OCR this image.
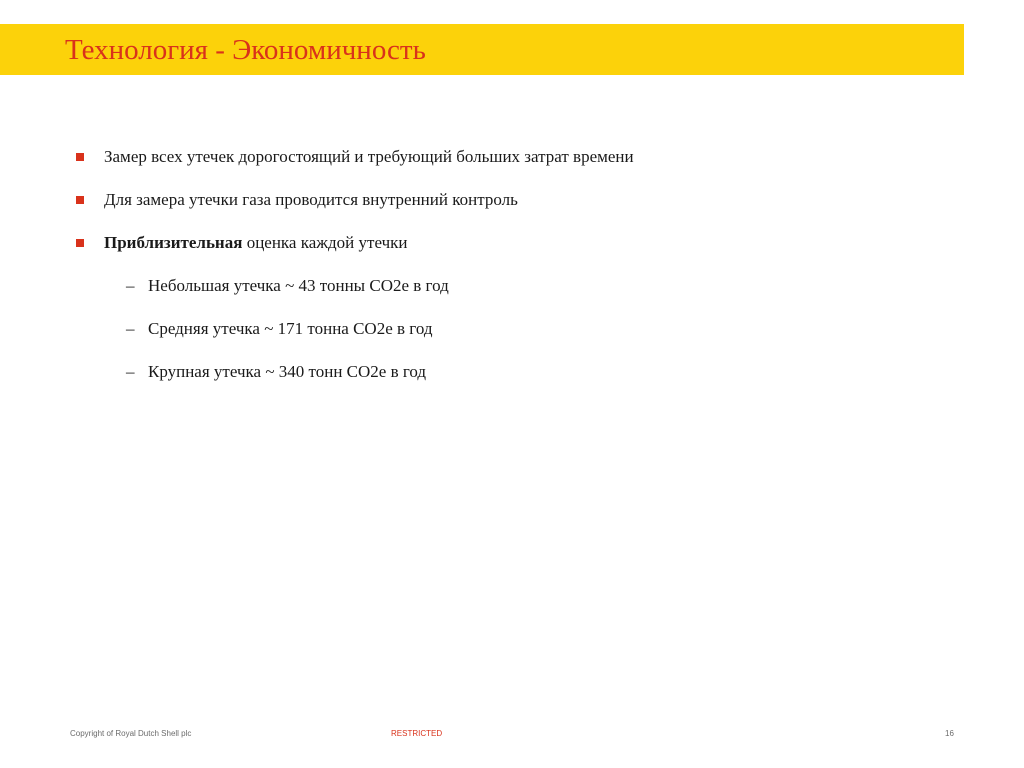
Технология - Экономичность
Замер всех утечек дорогостоящий и требующий больших затрат времени
Для замера утечки газа проводится внутренний контроль
Приблизительная оценка каждой утечки
– Небольшая утечка ~ 43 тонны CO2e в год
– Средняя утечка ~ 171 тонна CO2e в год
– Крупная утечка ~ 340 тонн CO2e в год
Copyright of Royal Dutch Shell plc	RESTRICTED	16
